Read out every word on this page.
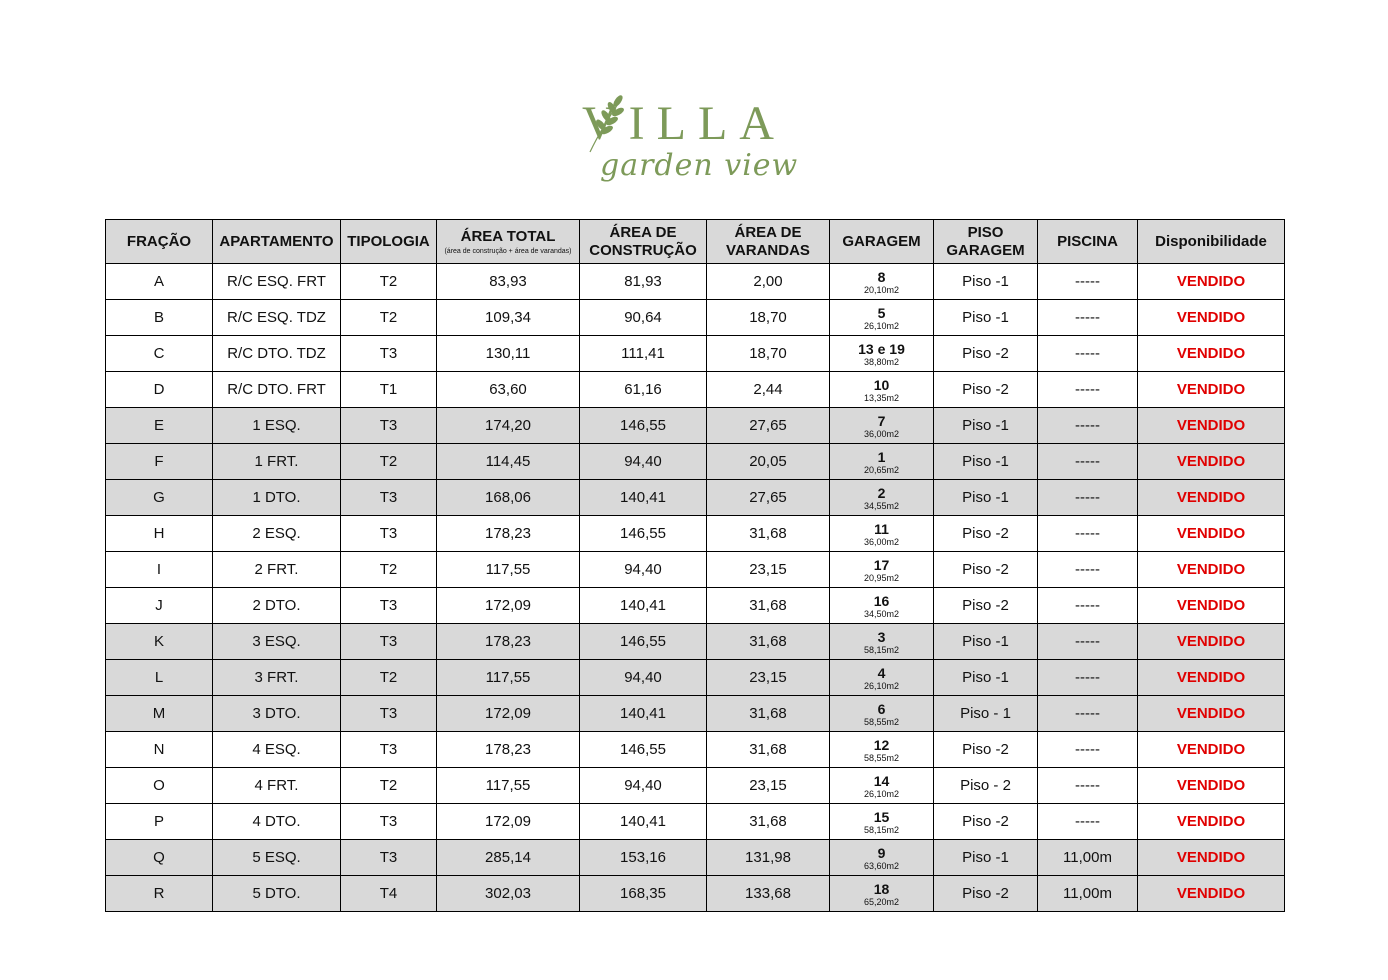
VILLA
garden view
FRAÇÃO	APARTAMENTO	TIPOLOGIA	ÁREA TOTAL
(área de construção + área de varandas)	ÁREA DE
CONSTRUÇÃO	ÁREA DE
VARANDAS	GARAGEM	PISO
GARAGEM	PISCINA	Disponibilidade
A	R/C ESQ. FRT	T2	83,93	81,93	2,00	8
20,10m2	Piso -1	-----	VENDIDO
B	R/C ESQ. TDZ	T2	109,34	90,64	18,70	5
26,10m2	Piso -1	-----	VENDIDO
C	R/C DTO. TDZ	T3	130,11	111,41	18,70	13 e 19
38,80m2	Piso -2	-----	VENDIDO
D	R/C DTO. FRT	T1	63,60	61,16	2,44	10
13,35m2	Piso -2	-----	VENDIDO
E	1 ESQ.	T3	174,20	146,55	27,65	7
36,00m2	Piso -1	-----	VENDIDO
F	1 FRT.	T2	114,45	94,40	20,05	1
20,65m2	Piso -1	-----	VENDIDO
G	1 DTO.	T3	168,06	140,41	27,65	2
34,55m2	Piso -1	-----	VENDIDO
H	2 ESQ.	T3	178,23	146,55	31,68	11
36,00m2	Piso -2	-----	VENDIDO
I	2 FRT.	T2	117,55	94,40	23,15	17
20,95m2	Piso -2	-----	VENDIDO
J	2 DTO.	T3	172,09	140,41	31,68	16
34,50m2	Piso -2	-----	VENDIDO
K	3 ESQ.	T3	178,23	146,55	31,68	3
58,15m2	Piso -1	-----	VENDIDO
L	3 FRT.	T2	117,55	94,40	23,15	4
26,10m2	Piso -1	-----	VENDIDO
M	3 DTO.	T3	172,09	140,41	31,68	6
58,55m2	Piso - 1	-----	VENDIDO
N	4 ESQ.	T3	178,23	146,55	31,68	12
58,55m2	Piso -2	-----	VENDIDO
O	4 FRT.	T2	117,55	94,40	23,15	14
26,10m2	Piso - 2	-----	VENDIDO
P	4 DTO.	T3	172,09	140,41	31,68	15
58,15m2	Piso -2	-----	VENDIDO
Q	5 ESQ.	T3	285,14	153,16	131,98	9
63,60m2	Piso -1	11,00m	VENDIDO
R	5 DTO.	T4	302,03	168,35	133,68	18
65,20m2	Piso -2	11,00m	VENDIDO
